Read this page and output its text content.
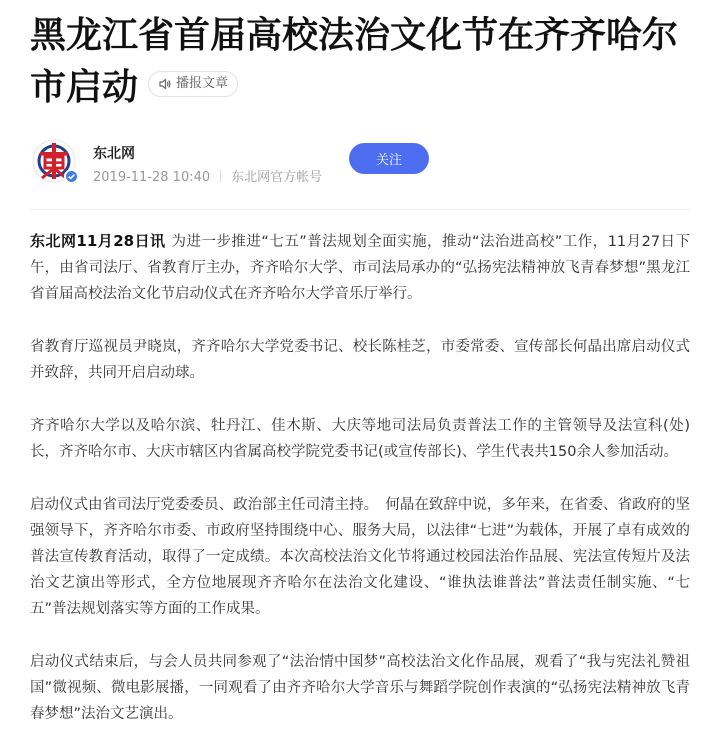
黑龙江省首届高校法治文化节在齐齐哈尔市启动	播报文章
东北网
2019-11-28 10:40 东北网官方帐号
关注

东北网11月28日讯 为进一步推进“七五”普法规划全面实施，推动“法治进高校”工作，11月27日下午，由省司法厅、省教育厅主办，齐齐哈尔大学、市司法局承办的“弘扬宪法精神放飞青春梦想”黑龙江省首届高校法治文化节启动仪式在齐齐哈尔大学音乐厅举行。

省教育厅巡视员尹晓岚，齐齐哈尔大学党委书记、校长陈桂芝，市委常委、宣传部长何晶出席启动仪式并致辞，共同开启启动球。

齐齐哈尔大学以及哈尔滨、牡丹江、佳木斯、大庆等地司法局负责普法工作的主管领导及法宣科(处)长，齐齐哈尔市、大庆市辖区内省属高校学院党委书记(或宣传部长)、学生代表共150余人参加活动。

启动仪式由省司法厅党委委员、政治部主任司清主持。　何晶在致辞中说，多年来，在省委、省政府的坚强领导下，齐齐哈尔市委、市政府坚持围绕中心、服务大局，以法律“七进”为载体，开展了卓有成效的普法宣传教育活动，取得了一定成绩。本次高校法治文化节将通过校园法治作品展、宪法宣传短片及法治文艺演出等形式，全方位地展现齐齐哈尔在法治文化建设、“谁执法谁普法”普法责任制实施、“七五”普法规划落实等方面的工作成果。

启动仪式结束后，与会人员共同参观了“法治情中国梦”高校法治文化作品展，观看了“我与宪法礼赞祖国”微视频、微电影展播，一同观看了由齐齐哈尔大学音乐与舞蹈学院创作表演的“弘扬宪法精神放飞青春梦想”法治文艺演出。
